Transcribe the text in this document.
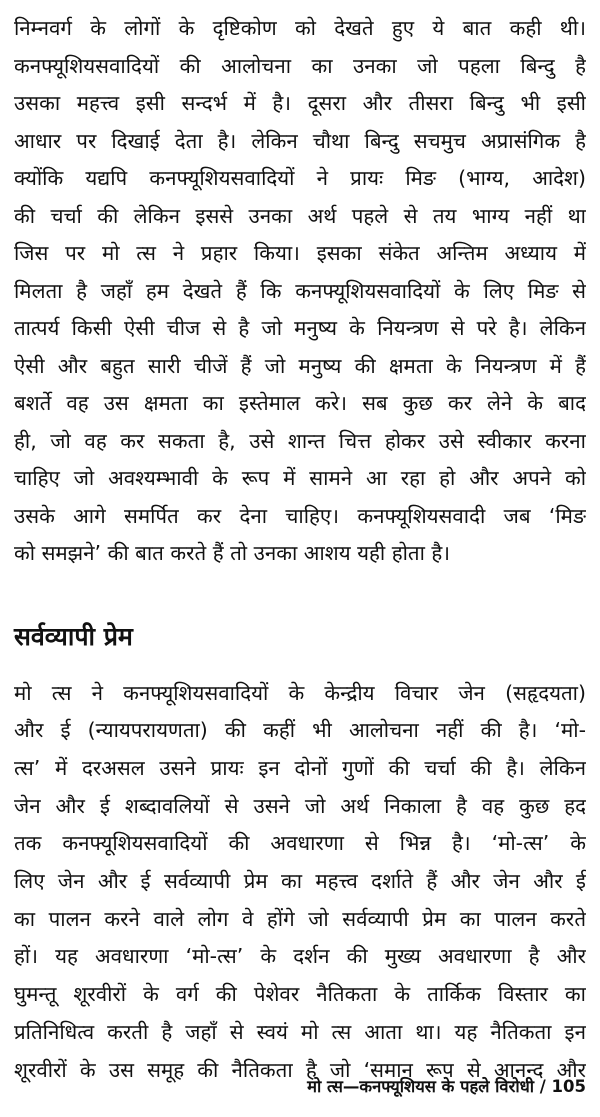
निम्नवर्ग के लोगों के दृष्टिकोण को देखते हुए ये बात कही थी।

कनफ्यूशियसवादियों की आलोचना का उनका जो पहला बिन्दु है

उसका महत्त्व इसी सन्दर्भ में है। दूसरा और तीसरा बिन्दु भी इसी

आधार पर दिखाई देता है। लेकिन चौथा बिन्दु सचमुच अप्रासंगिक है

क्योंकि यद्यपि कनफ्यूशियसवादियों ने प्रायः मिङ (भाग्य, आदेश)

की चर्चा की लेकिन इससे उनका अर्थ पहले से तय भाग्य नहीं था

जिस पर मो त्स ने प्रहार किया। इसका संकेत अन्तिम अध्याय में

मिलता है जहाँ हम देखते हैं कि कनफ्यूशियसवादियों के लिए मिङ से

तात्पर्य किसी ऐसी चीज से है जो मनुष्य के नियन्त्रण से परे है। लेकिन

ऐसी और बहुत सारी चीजें हैं जो मनुष्य की क्षमता के नियन्त्रण में हैं

बशर्ते वह उस क्षमता का इस्तेमाल करे। सब कुछ कर लेने के बाद

ही, जो वह कर सकता है, उसे शान्त चित्त होकर उसे स्वीकार करना

चाहिए जो अवश्यम्भावी के रूप में सामने आ रहा हो और अपने को

उसके आगे समर्पित कर देना चाहिए। कनफ्यूशियसवादी जब ‘मिङ

को समझने’ की बात करते हैं तो उनका आशय यही होता है।

सर्वव्यापी प्रेम

मो त्स ने कनफ्यूशियसवादियों के केन्द्रीय विचार जेन (सहृदयता)

और ई (न्यायपरायणता) की कहीं भी आलोचना नहीं की है। ‘मो-

त्स’ में दरअसल उसने प्रायः इन दोनों गुणों की चर्चा की है। लेकिन

जेन और ई शब्दावलियों से उसने जो अर्थ निकाला है वह कुछ हद

तक कनफ्यूशियसवादियों की अवधारणा से भिन्न है। ‘मो-त्स’ के

लिए जेन और ई सर्वव्यापी प्रेम का महत्त्व दर्शाते हैं और जेन और ई

का पालन करने वाले लोग वे होंगे जो सर्वव्यापी प्रेम का पालन करते

हों। यह अवधारणा ‘मो-त्स’ के दर्शन की मुख्य अवधारणा है और

घुमन्तू शूरवीरों के वर्ग की पेशेवर नैतिकता के तार्किक विस्तार का

प्रतिनिधित्व करती है जहाँ से स्वयं मो त्स आता था। यह नैतिकता इन

शूरवीरों के उस समूह की नैतिकता है जो ‘समान रूप से आनन्द और

मो त्स—कनफ्यूशियस के पहले विरोधी / 105
